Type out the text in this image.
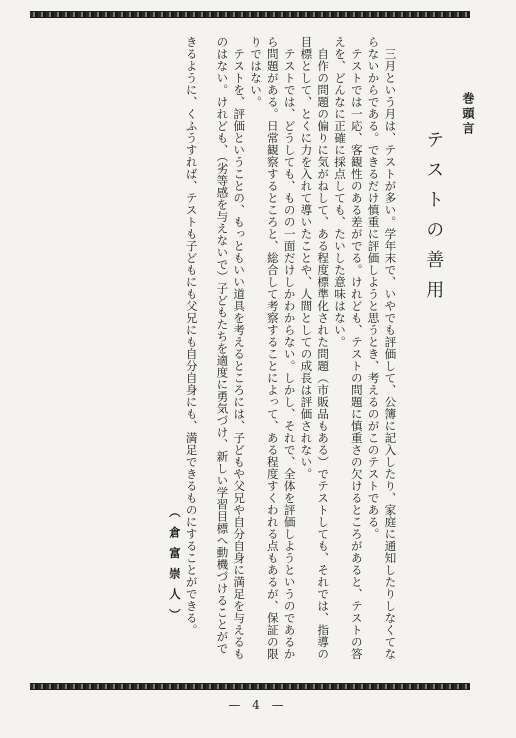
巻頭言

テストの善用

三月という月は、テストが多い。学年末で、いやでも評価して、公簿に記入したり、家庭に通知したりしなくてな

らないからである。できるだけ慎重に評価しようと思うとき、考えるのがこのテストである。

テストでは一応、客観性のある差がでる。けれども、テストの問題に慎重さの欠けるところがあると、テストの答

えを、どんなに正確に採点しても、たいした意味はない。

自作の問題の偏りに気がねして、ある程度標準化された問題（市販品もある）でテストしても、それでは、指導の

目標として、とくに力を入れて導いたことや、人間としての成長は評価されない。

テストでは、どうしても、ものの一面だけしかわからない。しかし、それで、全体を評価しようというのであるか

ら問題がある。日常観察するところと、総合して考察することによって、ある程度すくわれる点もあるが、保証の限

りではない。

テストを、評価ということの、もっともいい道具を考えるところには、子どもや父兄や自分自身に満足を与えるも

のはない。けれども、（劣等感を与えないで）子どもたちを適度に勇気づけ、新しい学習目標へ動機づけることがで

きるように、くふうすれば、テストも子どもにも父兄にも自分自身にも、満足できるものにすることができる。

（倉富崇人）

— 4 —
